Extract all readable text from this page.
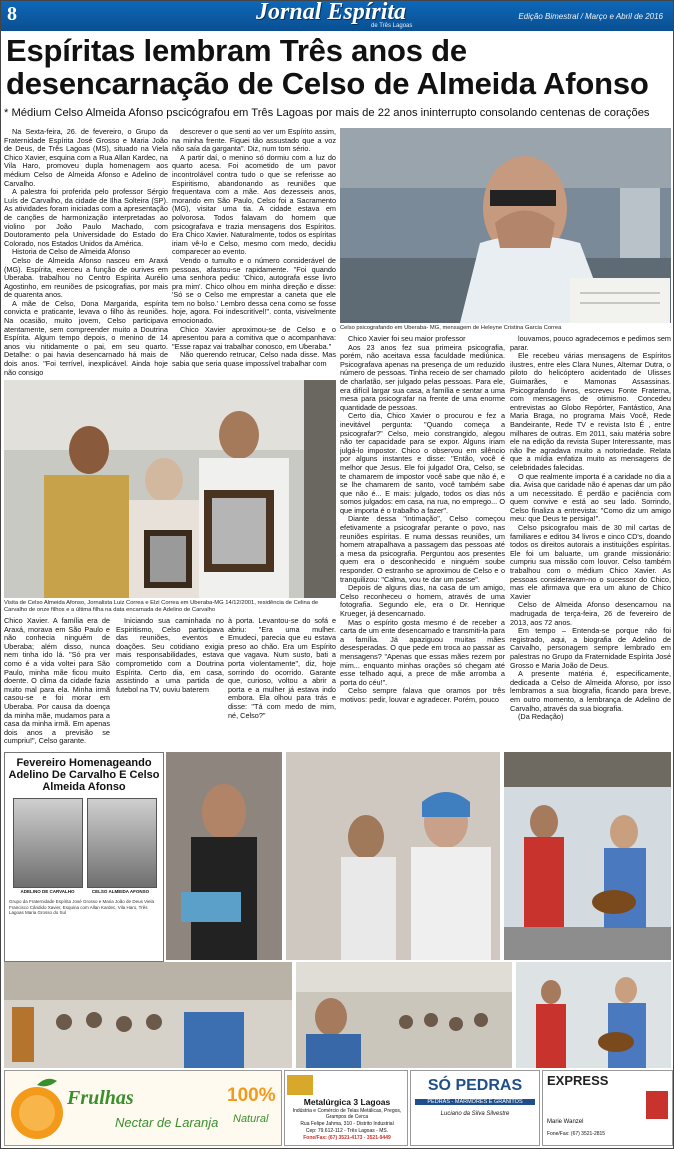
8	Jornal Espírita
de Três Lagoas
Edição Bimestral / Março e Abril de 2016
Espíritas lembram Três anos de desencarnação de Celso de Almeida Afonso
* Médium Celso Almeida Afonso pscicógrafou em Três Lagoas por mais de 22 anos ininterrupto consolando centenas de corações

Na Sexta-feira, 26. de fevereiro, o Grupo da Fraternidade Espírita José Grosso e Maria João de Deus, de Três Lagoas (MS), situado na Viela Chico Xavier, esquina com a Rua Allan Kardec, na Vila Haro, promoveu dupla homenagem aos médium Celso de Almeida Afonso e Adelino de Carvalho.

A palestra foi proferida pelo professor Sérgio Luís de Carvalho, da cidade de Ilha Solteira (SP). As atividades foram iniciadas com a apresentação de canções de harmonização interpretadas ao violino por João Paulo Machado, com Doutoramento pela Universidade do Estado do Colorado, nos Estados Unidos da América.

Historia de Celso de Almeida Afonso

Celso de Almeida Afonso nasceu em Araxá (MG). Espírita, exerceu a função de ourives em Uberaba. trabalhou no Centro Espírita Aurélio Agostinho, em reuniões de psicografias, por mais de quarenta anos.

A mãe de Celso, Dona Margarida, espírita convicta e praticante, levava o filho às reuniões. Na ocasião, muito jovem, Celso participava atentamente, sem compreender muito a Doutrina Espírita. Algum tempo depois, o menino de 14 anos viu nitidamente o pai, em seu quarto. Detalhe: o pai havia desencarnado há mais de dois anos. "Foi terrível, inexplicável. Ainda hoje não consigo

descrever o que senti ao ver um Espírito assim, na minha frente. Fiquei tão assustado que a voz não saía da garganta". Diz, num tom sério.

A partir daí, o menino só dormiu com a luz do quarto acesa. Foi acometido de um pavor incontrolável contra tudo o que se referisse ao Espiritismo, abandonando as reuniões que frequentava com a mãe. Aos dezesseis anos, morando em São Paulo, Celso foi a Sacramento (MG), visitar uma tia. A cidade estava em polvorosa. Todos falavam do homem que psicografava e trazia mensagens dos Espíritos. Era Chico Xavier. Naturalmente, todos os espíritas iriam vê-lo e Celso, mesmo com medo, decidiu comparecer ao evento.

Vendo o tumulto e o número considerável de pessoas, afastou-se rapidamente. "Foi quando uma senhora pediu: 'Chico, autografa esse livro pra mim'. Chico olhou em minha direção e disse: 'Só se o Celso me emprestar a caneta que ele tem no bolso.' Lembro dessa cena como se fosse hoje, agora. Foi indescritível!". conta, visivelmente emocionado.

Chico Xavier aproximou-se de Celso e o apresentou para a comitiva que o acompanhava: "Esse rapaz vai trabalhar conosco, em Uberaba."

Não querendo retrucar, Celso nada disse. Mas sabia que seria quase impossível trabalhar com

Celso psicografando em Uberaba- MG, mensagem de Heleyne Cristina Garcia Correa

Chico Xavier foi seu maior professor

Aos 23 anos fez sua primeira psicografia, porém, não aceitava essa faculdade mediúnica. Psicografava apenas na presença de um reduzido número de pessoas. Tinha receio de ser chamado de charlatão, ser julgado pelas pessoas. Para ele, era difícil largar sua casa, a família e sentar a uma mesa para psicografar na frente de uma enorme quantidade de pessoas.

Certo dia, Chico Xavier o procurou e fez a inevitável pergunta: "Quando começa a psicografar?" Celso, meio constrangido, alegou não ter capacidade para se expor. Alguns iriam julgá-lo impostor. Chico o observou em silêncio por alguns instantes e disse: "Então, você é melhor que Jesus. Ele foi julgado! Ora, Celso, se te chamarem de impostor você sabe que não é, e se lhe chamarem de santo, você também sabe que não é... E mais: julgado, todos os dias nós somos julgados: em casa, na rua, no emprego... O que importa é o trabalho a fazer".

Diante dessa "intimação", Celso começou efetivamente a psicografar perante o povo, nas reuniões espíritas. E numa dessas reuniões, um homem atrapalhava a passagem das pessoas até a mesa da psicografia. Perguntou aos presentes quem era o desconhecido e ninguém soube responder. O estranho se aproximou de Celso e o tranquilizou: "Calma, vou te dar um passe".

Depois de alguns dias, na casa de um amigo, Celso reconheceu o homem, através de uma fotografia. Segundo ele, era o Dr. Henrique Krueger, já desencarnado.

Mas o espírito gosta mesmo é de receber a carta de um ente desencarnado e transmiti-la para a família. Já apaziguou muitas mães desesperadas. O que pede em troca ao passar as mensagens? "Apenas que essas mães rezem por mim... enquanto minhas orações só chegam até esse telhado aqui, a prece de mãe arromba a porta do céu!".

Celso sempre falava que oramos por três motivos: pedir, louvar e agradecer. Porém, pouco

louvamos, pouco agradecemos e pedimos sem parar.

Ele recebeu várias mensagens de Espíritos ilustres, entre eles Clara Nunes, Altemar Dutra, o piloto do helicóptero acidentado de Ulisses Guimarães, e Mamonas Assassinas. Psicografando livros, escreveu Fonte Fraterna, com mensagens de otimismo. Concedeu entrevistas ao Globo Repórter, Fantástico, Ana Maria Braga, no programa Mais Você, Rede Bandeirante, Rede TV e revista Isto É , entre milhares de outras. Em 2011, saiu matéria sobre ele na edição da revista Super Interessante, mas não lhe agradava muito a notoriedade. Relata que a mídia enfatiza muito as mensagens de celebridades falecidas.

O que realmente importa é a caridade no dia a dia. Avisa que caridade não é apenas dar um pão a um necessitado. É perdão e paciência com quem convive e está ao seu lado. Sorrindo, Celso finaliza a entrevista: "Como diz um amigo meu: que Deus te persiga!".

Celso psicografou mais de 30 mil cartas de familiares e editou 34 livros e cinco CD's, doando todos os direitos autorais a instituições espíritas. Ele foi um baluarte, um grande missionário: cumpriu sua missão com louvor. Celso também trabalhou com o médium Chico Xavier. As pessoas consideravam-no o sucessor do Chico, mas ele afirmava que era um aluno de Chico Xavier

Celso de Almeida Afonso desencarnou na madrugada de terça-feira, 26 de fevereiro de 2013, aos 72 anos.

Em tempo – Entenda-se porque não foi registrado, aqui, a biografia de Adelino de Carvalho, personagem sempre lembrado em palestras no Grupo da Fraternidade Espírita José Grosso e Maria João de Deus.

A presente matéria é, especificamente, dedicada a Celso de Almeida Afonso, por isso lembramos a sua biografia, ficando para breve, em outro momento, a lembrança de Adelino de Carvalho, através da sua biografia.

(Da Redação)

Visita de Celso Almeida Afonso, Jornalista Luiz Correa e Elzi Correa em Uberaba-MG 14/12/2001, residência de Celina de Carvalho de onze filhos e a última filha na data encarnada de Adelino de Carvalho

Chico Xavier. A família era de Araxá, morava em São Paulo e não conhecia ninguém de Uberaba; além disso, nunca nem tinha ido lá. "Só pra ver como é a vida voltei para São Paulo, minha mãe ficou muito doente. O clima da cidade fazia muito mal para ela. Minha irmã casou-se e foi morar em Uberaba. Por causa da doença da minha mãe, mudamos para a casa da minha irmã. Em apenas dois anos a previsão se cumpriu!", Celso garante.

Iniciando sua caminhada no Espiritismo, Celso participava das reuniões, eventos e doações. Seu cotidiano exigia mais responsabilidades, estava comprometido com a Doutrina Espírita. Certo dia, em casa, assistindo a uma partida de futebol na TV, ouviu baterem

à porta. Levantou-se do sofá e abriu: "Era uma mulher. Emudeci, parecia que eu estava preso ao chão. Era um Espírito que vagava. Num susto, bati a porta violentamente", diz, hoje sorrindo do ocorrido. Garante que, curioso, voltou a abrir a porta e a mulher já estava indo embora. Ela olhou para trás e disse: "Tá com medo de mim, né, Celso?"

Fevereiro Homenageando Adelino De Carvalho E Celso Almeida Afonso
ADELINO DE CARVALHO	CELSO ALMEIDA AFONSO
Grupo da Fraternidade Espírita José Grosso e Maria João de Deus Viela Francisco Cândido Xavier, Esquina com Allan Kardec, Vila Haro, Três Lagoas Maria Grosso do Sul
Frulhas
Nectar de Laranja
100%
Natural
Metalúrgica 3 Lagoas
Indústria e Comércio de Telas Metálicas, Pregos, Grampos de Cerca
Rua Felipe Jahma, 310 - Distrito Industrial
Cep: 79.612-112 - Três Lagoas - MS.
Fone/Fax: (67) 3521-4173 - 3521-9449
SÓ PEDRAS
PEDRAS - MÁRMORES E GRANITOS
Luciano da Silva Silvestre
EXPRESS
Marie Wanzel
Fone/Fax: (67) 3521-2815
